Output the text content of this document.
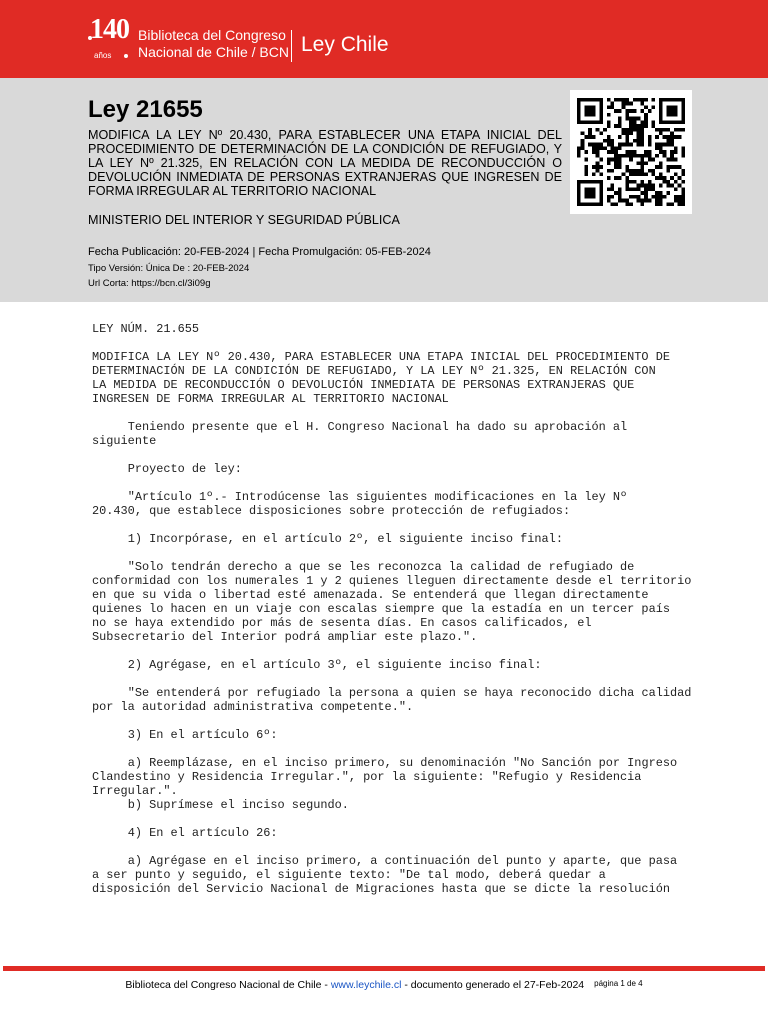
140
años
Biblioteca del Congreso
Nacional de Chile / BCN Ley Chile
Ley 21655
MODIFICA LA LEY Nº 20.430, PARA ESTABLECER UNA ETAPA INICIAL DEL PROCEDIMIENTO DE DETERMINACIÓN DE LA CONDICIÓN DE REFUGIADO, Y LA LEY Nº 21.325, EN RELACIÓN CON LA MEDIDA DE RECONDUCCIÓN O DEVOLUCIÓN INMEDIATA DE PERSONAS EXTRANJERAS QUE INGRESEN DE FORMA IRREGULAR AL TERRITORIO NACIONAL
MINISTERIO DEL INTERIOR Y SEGURIDAD PÚBLICA
Fecha Publicación: 20-FEB-2024 | Fecha Promulgación: 05-FEB-2024
Tipo Versión: Única De : 20-FEB-2024
Url Corta: https://bcn.cl/3i09g

LEY NÚM. 21.655

MODIFICA LA LEY Nº 20.430, PARA ESTABLECER UNA ETAPA INICIAL DEL PROCEDIMIENTO DE
DETERMINACIÓN DE LA CONDICIÓN DE REFUGIADO, Y LA LEY Nº 21.325, EN RELACIÓN CON
LA MEDIDA DE RECONDUCCIÓN O DEVOLUCIÓN INMEDIATA DE PERSONAS EXTRANJERAS QUE
INGRESEN DE FORMA IRREGULAR AL TERRITORIO NACIONAL

Teniendo presente que el H. Congreso Nacional ha dado su aprobación al
siguiente

Proyecto de ley:

"Artículo 1º.- Introdúcense las siguientes modificaciones en la ley Nº
20.430, que establece disposiciones sobre protección de refugiados:

1) Incorpórase, en el artículo 2º, el siguiente inciso final:

"Solo tendrán derecho a que se les reconozca la calidad de refugiado de
conformidad con los numerales 1 y 2 quienes lleguen directamente desde el territorio
en que su vida o libertad esté amenazada. Se entenderá que llegan directamente
quienes lo hacen en un viaje con escalas siempre que la estadía en un tercer país
no se haya extendido por más de sesenta días. En casos calificados, el
Subsecretario del Interior podrá ampliar este plazo.".

2) Agrégase, en el artículo 3º, el siguiente inciso final:

"Se entenderá por refugiado la persona a quien se haya reconocido dicha calidad
por la autoridad administrativa competente.".

3) En el artículo 6º:

a) Reemplázase, en el inciso primero, su denominación "No Sanción por Ingreso
Clandestino y Residencia Irregular.", por la siguiente: "Refugio y Residencia
Irregular.".
b) Suprímese el inciso segundo.

4) En el artículo 26:

a) Agrégase en el inciso primero, a continuación del punto y aparte, que pasa
a ser punto y seguido, el siguiente texto: "De tal modo, deberá quedar a
disposición del Servicio Nacional de Migraciones hasta que se dicte la resolución

Biblioteca del Congreso Nacional de Chile - www.leychile.cl - documento generado el 27-Feb-2024 página 1 de 4
